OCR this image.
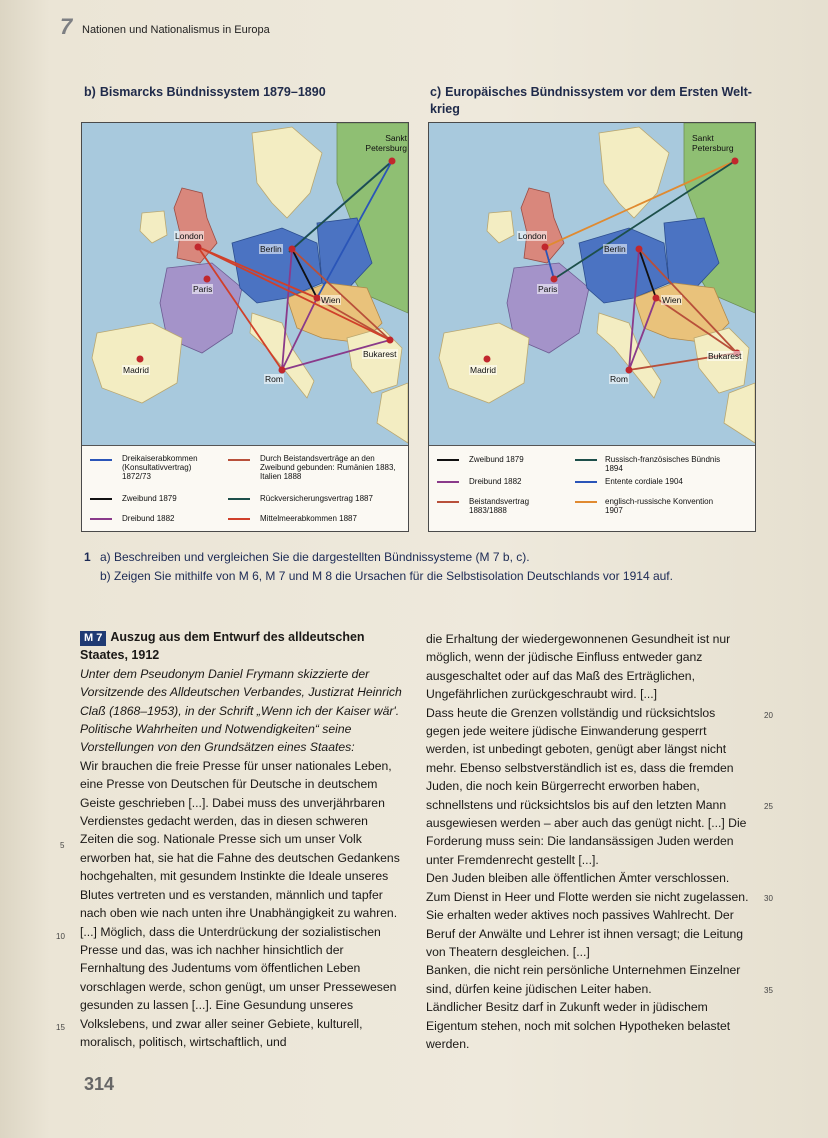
7 Nationen und Nationalismus in Europa
b) Bismarcks Bündnissystem 1879–1890	c) Europäisches Bündnissystem vor dem Ersten Welt-
krieg
Sankt Petersburg
London
Berlin
Paris
Wien
Bukarest
Madrid
Rom
Dreikaiserabkommen (Konsultativvertrag) 1872/73
Durch Beistandsverträge an den Zweibund gebunden: Rumänien 1883, Italien 1888
Zweibund 1879	Rückversicherungsvertrag 1887
Dreibund 1882	Mittelmeerabkommen 1887
Sankt Petersburg
London
Berlin
Paris
Wien
Bukarest
Madrid
Rom
Zweibund 1879	Russisch-französisches Bündnis 1894
Dreibund 1882	Entente cordiale 1904
Beistandsvertrag 1883/1888
englisch-russische Konvention 1907
1 a) Beschreiben und vergleichen Sie die dargestellten Bündnissysteme (M 7 b, c).
b) Zeigen Sie mithilfe von M 6, M 7 und M 8 die Ursachen für die Selbstisolation Deutschlands vor 1914 auf.

M 7 Auszug aus dem Entwurf des alldeutschen Staates, 1912

Unter dem Pseudonym Daniel Frymann skizzierte der Vorsitzende des Alldeutschen Verbandes, Justizrat Heinrich Claß (1868–1953), in der Schrift „Wenn ich der Kaiser wär'. Politische Wahrheiten und Notwendigkeiten“ seine Vorstellungen von den Grundsätzen eines Staates:

Wir brauchen die freie Presse für unser nationales Leben, eine Presse von Deutschen für Deutsche in deutschem Geiste geschrieben [...]. Dabei muss des unverjährbaren Verdienstes gedacht werden, das in diesen schweren Zeiten die sog. Nationale Presse sich um unser Volk erworben hat, sie hat die Fahne des deutschen Gedankens hochgehalten, mit gesundem Instinkte die Ideale unseres Blutes vertreten und es verstanden, männlich und tapfer nach oben wie nach unten ihre Unabhängigkeit zu wahren. [...] Möglich, dass die Unterdrückung der sozialistischen Presse und das, was ich nachher hinsichtlich der Fernhaltung des Judentums vom öffentlichen Leben vorschlagen werde, schon genügt, um unser Pressewesen gesunden zu lassen [...]. Eine Gesundung unseres Volkslebens, und zwar aller seiner Gebiete, kulturell, moralisch, politisch, wirtschaftlich, und

5
10
15

die Erhaltung der wiedergewonnenen Gesundheit ist nur möglich, wenn der jüdische Einfluss entweder ganz ausgeschaltet oder auf das Maß des Erträglichen, Ungefährlichen zurückgeschraubt wird. [...]

Dass heute die Grenzen vollständig und rücksichtslos gegen jede weitere jüdische Einwanderung gesperrt werden, ist unbedingt geboten, genügt aber längst nicht mehr. Ebenso selbstverständlich ist es, dass die fremden Juden, die noch kein Bürgerrecht erworben haben, schnellstens und rücksichtslos bis auf den letzten Mann ausgewiesen werden – aber auch das genügt nicht. [...] Die Forderung muss sein: Die landansässigen Juden werden unter Fremdenrecht gestellt [...].

Den Juden bleiben alle öffentlichen Ämter verschlossen. Zum Dienst in Heer und Flotte werden sie nicht zugelassen. Sie erhalten weder aktives noch passives Wahlrecht. Der Beruf der Anwälte und Lehrer ist ihnen versagt; die Leitung von Theatern desgleichen. [...]

Banken, die nicht rein persönliche Unternehmen Einzelner sind, dürfen keine jüdischen Leiter haben.

Ländlicher Besitz darf in Zukunft weder in jüdischem Eigentum stehen, noch mit solchen Hypotheken belastet werden.

20
25
30
35
314
